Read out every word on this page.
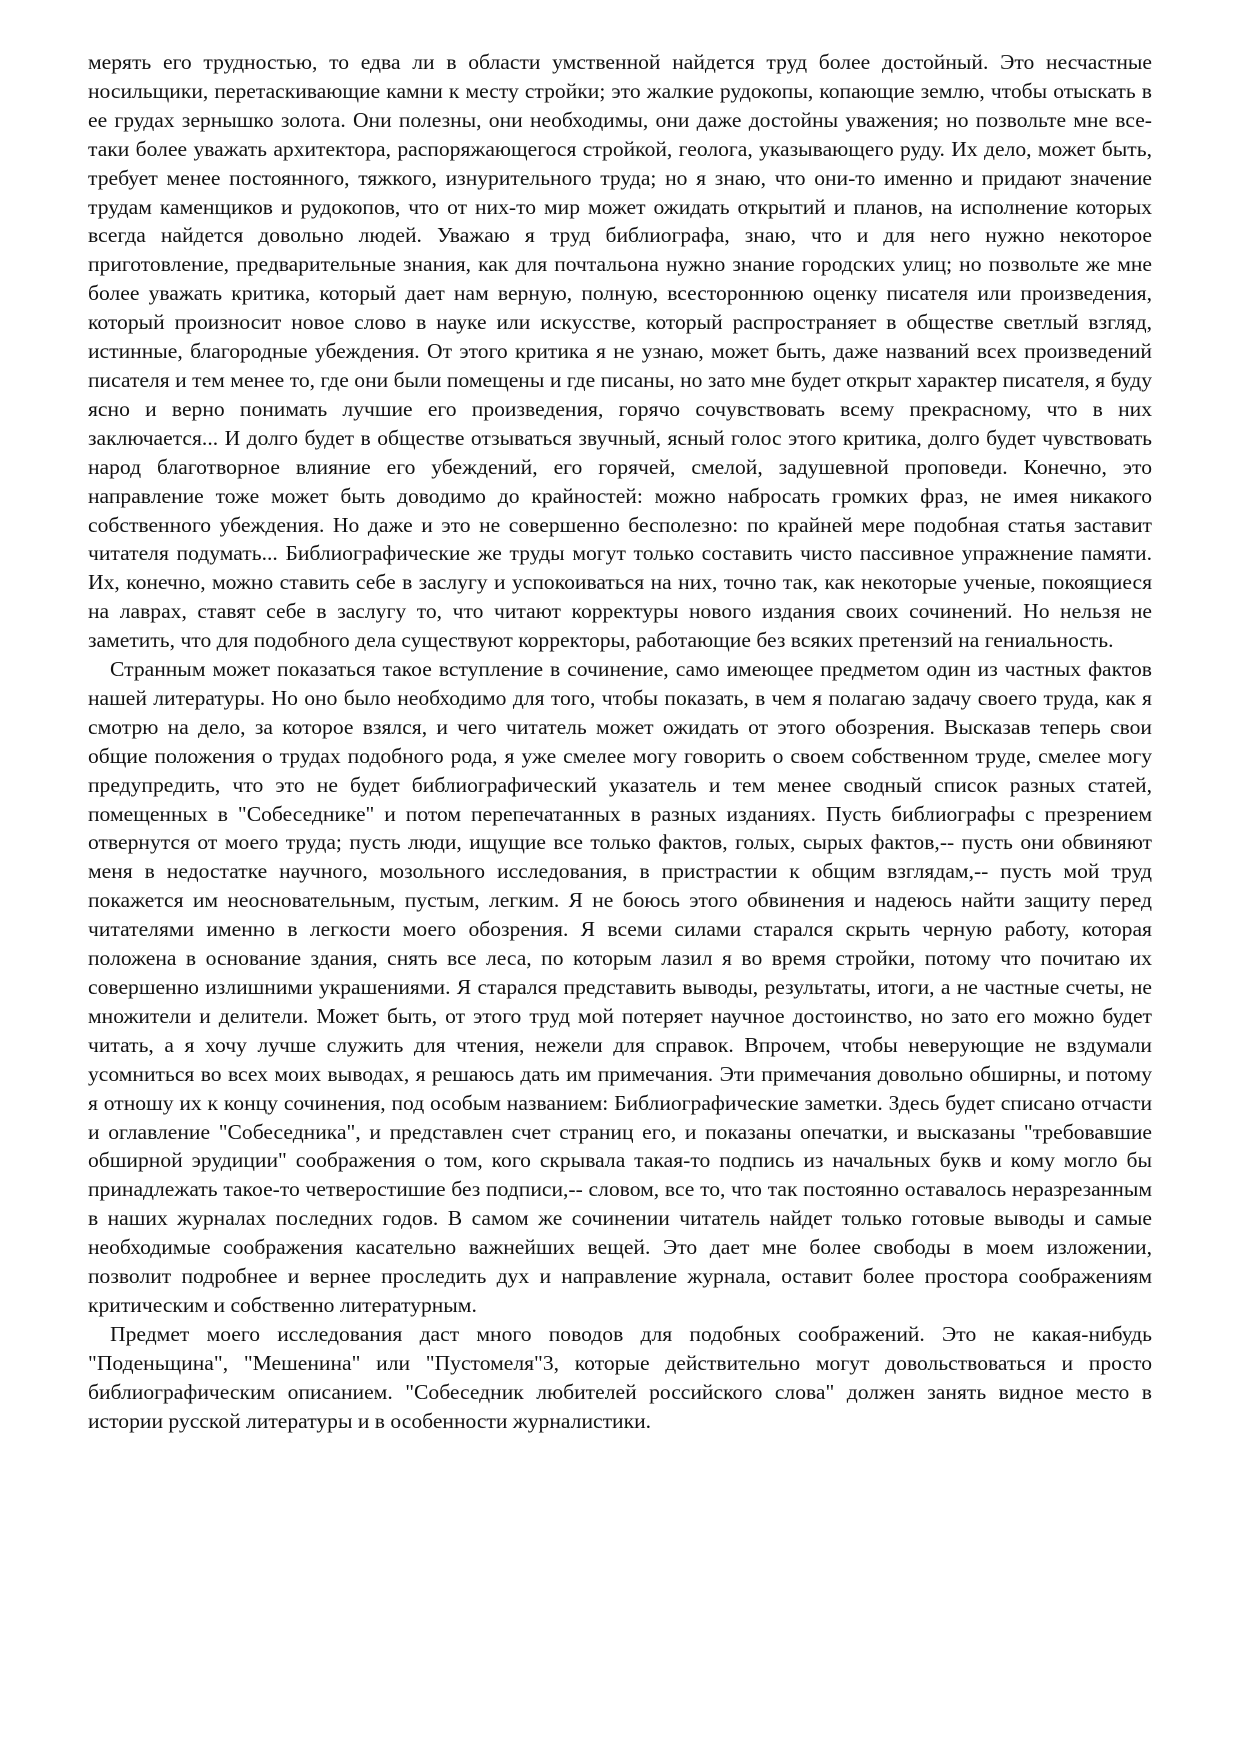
мерять его трудностью, то едва ли в области умственной найдется труд более достойный. Это несчастные носильщики, перетаскивающие камни к месту стройки; это жалкие рудокопы, копающие землю, чтобы отыскать в ее грудах зернышко золота. Они полезны, они необходимы, они даже достойны уважения; но позвольте мне все-таки более уважать архитектора, распоряжающегося стройкой, геолога, указывающего руду. Их дело, может быть, требует менее постоянного, тяжкого, изнурительного труда; но я знаю, что они-то именно и придают значение трудам каменщиков и рудокопов, что от них-то мир может ожидать открытий и планов, на исполнение которых всегда найдется довольно людей. Уважаю я труд библиографа, знаю, что и для него нужно некоторое приготовление, предварительные знания, как для почтальона нужно знание городских улиц; но позвольте же мне более уважать критика, который дает нам верную, полную, всестороннюю оценку писателя или произведения, который произносит новое слово в науке или искусстве, который распространяет в обществе светлый взгляд, истинные, благородные убеждения. От этого критика я не узнаю, может быть, даже названий всех произведений писателя и тем менее то, где они были помещены и где писаны, но зато мне будет открыт характер писателя, я буду ясно и верно понимать лучшие его произведения, горячо сочувствовать всему прекрасному, что в них заключается... И долго будет в обществе отзываться звучный, ясный голос этого критика, долго будет чувствовать народ благотворное влияние его убеждений, его горячей, смелой, задушевной проповеди. Конечно, это направление тоже может быть доводимо до крайностей: можно набросать громких фраз, не имея никакого собственного убеждения. Но даже и это не совершенно бесполезно: по крайней мере подобная статья заставит читателя подумать... Библиографические же труды могут только составить чисто пассивное упражнение памяти. Их, конечно, можно ставить себе в заслугу и успокоиваться на них, точно так, как некоторые ученые, покоящиеся на лаврах, ставят себе в заслугу то, что читают корректуры нового издания своих сочинений. Но нельзя не заметить, что для подобного дела существуют корректоры, работающие без всяких претензий на гениальность.

Странным может показаться такое вступление в сочинение, само имеющее предметом один из частных фактов нашей литературы. Но оно было необходимо для того, чтобы показать, в чем я полагаю задачу своего труда, как я смотрю на дело, за которое взялся, и чего читатель может ожидать от этого обозрения. Высказав теперь свои общие положения о трудах подобного рода, я уже смелее могу говорить о своем собственном труде, смелее могу предупредить, что это не будет библиографический указатель и тем менее сводный список разных статей, помещенных в "Собеседнике" и потом перепечатанных в разных изданиях. Пусть библиографы с презрением отвернутся от моего труда; пусть люди, ищущие все только фактов, голых, сырых фактов,-- пусть они обвиняют меня в недостатке научного, мозольного исследования, в пристрастии к общим взглядам,-- пусть мой труд покажется им неосновательным, пустым, легким. Я не боюсь этого обвинения и надеюсь найти защиту перед читателями именно в легкости моего обозрения. Я всеми силами старался скрыть черную работу, которая положена в основание здания, снять все леса, по которым лазил я во время стройки, потому что почитаю их совершенно излишними украшениями. Я старался представить выводы, результаты, итоги, а не частные счеты, не множители и делители. Может быть, от этого труд мой потеряет научное достоинство, но зато его можно будет читать, а я хочу лучше служить для чтения, нежели для справок. Впрочем, чтобы неверующие не вздумали усомниться во всех моих выводах, я решаюсь дать им примечания. Эти примечания довольно обширны, и потому я отношу их к концу сочинения, под особым названием: Библиографические заметки. Здесь будет списано отчасти и оглавление "Собеседника", и представлен счет страниц его, и показаны опечатки, и высказаны "требовавшие обширной эрудиции" соображения о том, кого скрывала такая-то подпись из начальных букв и кому могло бы принадлежать такое-то четверостишие без подписи,-- словом, все то, что так постоянно оставалось неразрезанным в наших журналах последних годов. В самом же сочинении читатель найдет только готовые выводы и самые необходимые соображения касательно важнейших вещей. Это дает мне более свободы в моем изложении, позволит подробнее и вернее проследить дух и направление журнала, оставит более простора соображениям критическим и собственно литературным.

Предмет моего исследования даст много поводов для подобных соображений. Это не какая-нибудь "Поденьщина", "Мешенина" или "Пустомеля"3, которые действительно могут довольствоваться и просто библиографическим описанием. "Собеседник любителей российского слова" должен занять видное место в истории русской литературы и в особенности журналистики.
